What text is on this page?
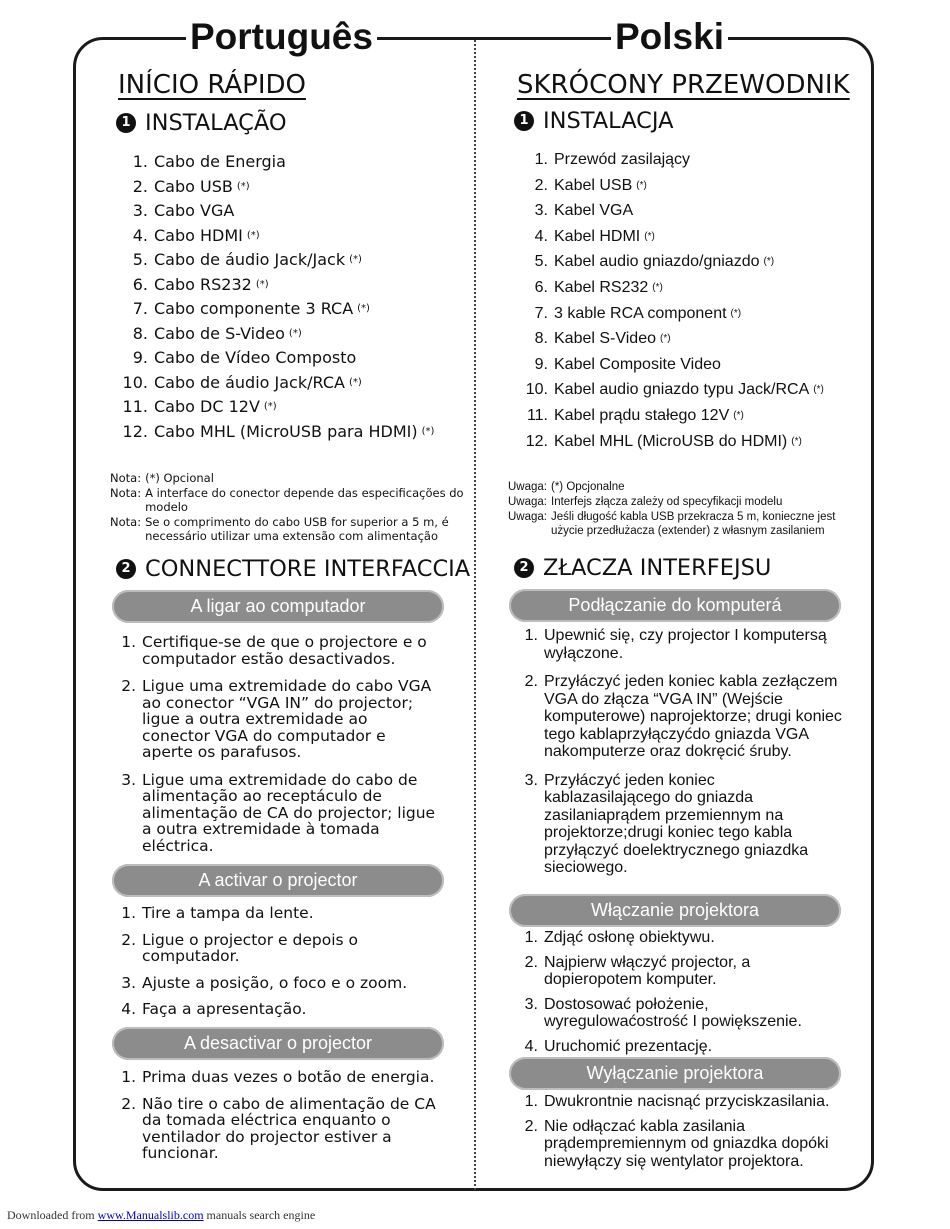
Português	Polski
INÍCIO RÁPIDO
1 INSTALAÇÃO
1. Cabo de Energia
2. Cabo USB (*)
3. Cabo VGA
4. Cabo HDMI (*)
5. Cabo de áudio Jack/Jack (*)
6. Cabo RS232 (*)
7. Cabo componente 3 RCA (*)
8. Cabo de S-Video (*)
9. Cabo de Vídeo Composto
10. Cabo de áudio Jack/RCA (*)
11. Cabo DC 12V (*)
12. Cabo MHL (MicroUSB para HDMI) (*)
Nota: (*) Opcional
Nota: A interface do conector depende das especificações do modelo
Nota: Se o comprimento do cabo USB for superior a 5 m, é necessário utilizar uma extensão com alimentação
2 CONNECTTORE INTERFACCIA
A ligar ao computador
1. Certifique-se de que o projectore e o computador estão desactivados.
2. Ligue uma extremidade do cabo VGA ao conector “VGA IN” do projector; ligue a outra extremidade ao conector VGA do computador e aperte os parafusos.
3. Ligue uma extremidade do cabo de alimentação ao receptáculo de alimentação de CA do projector; ligue a outra extremidade à tomada eléctrica.
A activar o projector
1. Tire a tampa da lente.
2. Ligue o projector e depois o computador.
3. Ajuste a posição, o foco e o zoom.
4. Faça a apresentação.
A desactivar o projector
1. Prima duas vezes o botão de energia.
2. Não tire o cabo de alimentação de CA da tomada eléctrica enquanto o ventilador do projector estiver a funcionar.
SKRÓCONY PRZEWODNIK
1 INSTALACJA
1. Przewód zasilający
2. Kabel USB (*)
3. Kabel VGA
4. Kabel HDMI (*)
5. Kabel audio gniazdo/gniazdo (*)
6. Kabel RS232 (*)
7. 3 kable RCA component (*)
8. Kabel S-Video (*)
9. Kabel Composite Video
10. Kabel audio gniazdo typu Jack/RCA (*)
11. Kabel prądu stałego 12V (*)
12. Kabel MHL (MicroUSB do HDMI) (*)
Uwaga: (*) Opcjonalne
Uwaga: Interfejs złącza zależy od specyfikacji modelu
Uwaga: Jeśli długość kabla USB przekracza 5 m, konieczne jest użycie przedłużacza (extender) z własnym zasilaniem
2 ZŁACZA INTERFEJSU
Podłączanie do komputerá
1. Upewnić się, czy projector I komputersą wyłączone.
2. Przyłáczyć jeden koniec kabla zezłączem VGA do złącza “VGA IN” (Wejście komputerowe) naprojektorze; drugi koniec tego kablaprzyłączyćdo gniazda VGA nakomputerze oraz dokręcić śruby.
3. Przyłáczyć jeden koniec kablazasilającego do gniazda zasilaniaprądem przemiennym na projektorze;drugi koniec tego kabla przyłączyć doelektrycznego gniazdka sieciowego.
Włączanie projektora
1. Zdjąć osłonę obiektywu.
2. Najpierw włączyć projector, a dopieropotem komputer.
3. Dostosować położenie, wyregulowaćostrość I powiększenie.
4. Uruchomić prezentację.
Wyłączanie projektora
1. Dwukrontnie nacisnąć przyciskzasilania.
2. Nie odłączać kabla zasilania prądempremiennym od gniazdka dopóki niewyłączy się wentylator projektora.
Downloaded from www.Manualslib.com manuals search engine
